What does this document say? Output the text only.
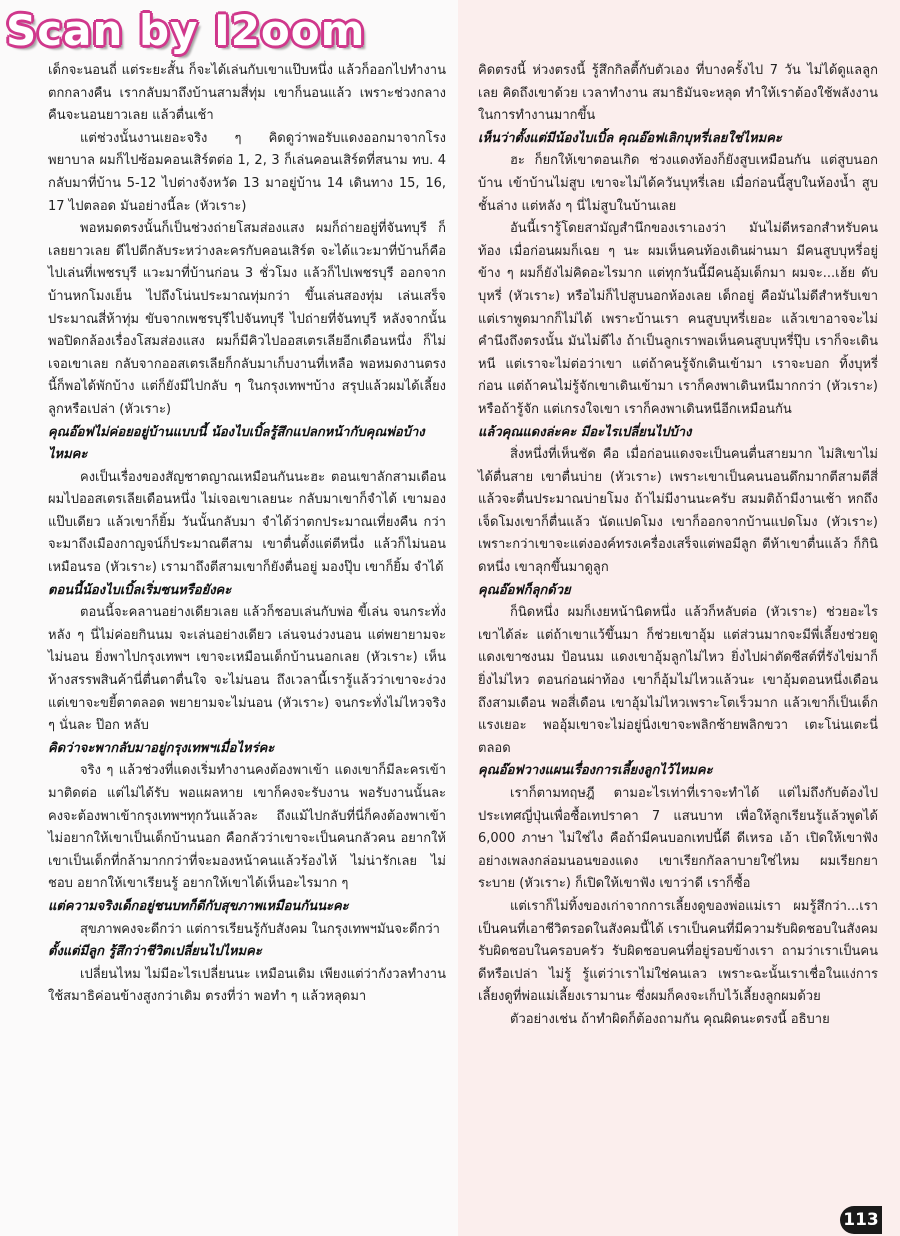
Scan by I2oom

เด็กจะนอนถี่ แต่ระยะสั้น ก็จะได้เล่นกับเขาแป๊บหนึ่ง แล้วก็ออกไปทำงาน ตกกลางคืน เรากลับมาถึงบ้านสามสี่ทุ่ม เขาก็นอนแล้ว เพราะช่วงกลางคืนจะนอนยาวเลย แล้วตื่นเช้า

แต่ช่วงนั้นงานเยอะจริง ๆ คิดดูว่าพอรับแดงออกมาจากโรงพยาบาล ผมก็ไปซ้อมคอนเสิร์ตต่อ 1, 2, 3 ก็เล่นคอนเสิร์ตที่สนาม ทบ. 4 กลับมาที่บ้าน 5-12 ไปต่างจังหวัด 13 มาอยู่บ้าน 14 เดินทาง 15, 16, 17 ไปตลอด มันอย่างนี้ละ (หัวเราะ)

พอหมดตรงนั้นก็เป็นช่วงถ่ายโสมส่องแสง ผมก็ถ่ายอยู่ที่จันทบุรี ก็เลยยาวเลย ดีไปตีกลับระหว่างละครกับคอนเสิร์ต จะได้แวะมาที่บ้านก็คือไปเล่นที่เพชรบุรี แวะมาที่บ้านก่อน 3 ชั่วโมง แล้วก็ไปเพชรบุรี ออกจากบ้านหกโมงเย็น ไปถึงโน่นประมาณทุ่มกว่า ขึ้นเล่นสองทุ่ม เล่นเสร็จประมาณสี่ห้าทุ่ม ขับจากเพชรบุรีไปจันทบุรี ไปถ่ายที่จันทบุรี หลังจากนั้นพอปิดกล้องเรื่องโสมส่องแสง ผมก็มีคิวไปออสเตรเลียอีกเดือนหนึ่ง ก็ไม่เจอเขาเลย กลับจากออสเตรเลียก็กลับมาเก็บงานที่เหลือ พอหมดงานตรงนี้ก็พอได้พักบ้าง แต่ก็ยังมีไปกลับ ๆ ในกรุงเทพฯบ้าง สรุปแล้วผมได้เลี้ยงลูกหรือเปล่า (หัวเราะ)

คุณอ๊อฟไม่ค่อยอยู่บ้านแบบนี้ น้องไบเบิ้ลรู้สึกแปลกหน้ากับคุณพ่อบ้างไหมคะ

คงเป็นเรื่องของสัญชาตญาณเหมือนกันนะฮะ ตอนเขาลักสามเดือน ผมไปออสเตรเลียเดือนหนึ่ง ไม่เจอเขาเลยนะ กลับมาเขาก็จำได้ เขามองแป๊บเดียว แล้วเขาก็ยิ้ม วันนั้นกลับมา จำได้ว่าตกประมาณเที่ยงคืน กว่าจะมาถึงเมืองกาญจน์ก็ประมาณตีสาม เขาตื่นตั้งแต่ตีหนึ่ง แล้วก็ไม่นอน เหมือนรอ (หัวเราะ) เรามาถึงตีสามเขาก็ยังตื่นอยู่ มองปุ๊บ เขาก็ยิ้ม จำได้

ตอนนี้น้องไบเบิ้ลเริ่มซนหรือยังคะ

ตอนนี้จะคลานอย่างเดียวเลย แล้วก็ชอบเล่นกับพ่อ ขี้เล่น จนกระทั่งหลัง ๆ นี่ไม่ค่อยกินนม จะเล่นอย่างเดียว เล่นจนง่วงนอน แต่พยายามจะไม่นอน ยิ่งพาไปกรุงเทพฯ เขาจะเหมือนเด็กบ้านนอกเลย (หัวเราะ) เห็นห้างสรรพสินค้านี่ตื่นตาตื่นใจ จะไม่นอน ถึงเวลานี้เรารู้แล้วว่าเขาจะง่วง แต่เขาจะขยี้ตาตลอด พยายามจะไม่นอน (หัวเราะ) จนกระทั่งไม่ไหวจริง ๆ นั่นละ ป๊อก หลับ

คิดว่าจะพากลับมาอยู่กรุงเทพฯเมื่อไหร่คะ

จริง ๆ แล้วช่วงที่แดงเริ่มทำงานคงต้องพาเข้า แดงเขาก็มีละครเข้ามาติดต่อ แต่ไม่ได้รับ พอแผลหาย เขาก็คงจะรับงาน พอรับงานนั้นละ คงจะต้องพาเข้ากรุงเทพฯทุกวันแล้วละ ถึงแม้ไปกลับที่นี่ก็คงต้องพาเข้า ไม่อยากให้เขาเป็นเด็กบ้านนอก คือกลัวว่าเขาจะเป็นคนกลัวคน อยากให้เขาเป็นเด็กที่กล้ามากกว่าที่จะมองหน้าคนแล้วร้องไห้ ไม่น่ารักเลย ไม่ชอบ อยากให้เขาเรียนรู้ อยากให้เขาได้เห็นอะไรมาก ๆ

แต่ความจริงเด็กอยู่ชนบทก็ดีกับสุขภาพเหมือนกันนะคะ

สุขภาพคงจะดีกว่า แต่การเรียนรู้กับสังคม ในกรุงเทพฯมันจะดีกว่า

ตั้งแต่มีลูก รู้สึกว่าชีวิตเปลี่ยนไปไหมคะ

เปลี่ยนไหม ไม่มีอะไรเปลี่ยนนะ เหมือนเดิม เพียงแต่ว่ากังวลทำงานใช้สมาธิค่อนข้างสูงกว่าเดิม ตรงที่ว่า พอทำ ๆ แล้วหลุดมา

คิดตรงนี้ ห่วงตรงนี้ รู้สึกกิลตี้กับตัวเอง ที่บางครั้งไป 7 วัน ไม่ได้ดูแลลูกเลย คิดถึงเขาด้วย เวลาทำงาน สมาธิมันจะหลุด ทำให้เราต้องใช้พลังงานในการทำงานมากขึ้น

เห็นว่าตั้งแต่มีน้องไบเบิ้ล คุณอ๊อฟเลิกบุหรี่เลยใช่ไหมคะ

ฮะ ก็ยกให้เขาตอนเกิด ช่วงแดงท้องก็ยังสูบเหมือนกัน แต่สูบนอกบ้าน เข้าบ้านไม่สูบ เขาจะไม่ได้ควันบุหรี่เลย เมื่อก่อนนี้สูบในห้องน้ำ สูบชั้นล่าง แต่หลัง ๆ นี่ไม่สูบในบ้านเลย

อันนี้เรารู้โดยสามัญสำนึกของเราเองว่า มันไม่ดีหรอกสำหรับคนท้อง เมื่อก่อนผมก็เฉย ๆ นะ ผมเห็นคนท้องเดินผ่านมา มีคนสูบบุหรี่อยู่ข้าง ๆ ผมก็ยังไม่คิดอะไรมาก แต่ทุกวันนี้มีคนอุ้มเด็กมา ผมจะ...เฮ้ย ดับบุหรี่ (หัวเราะ) หรือไม่ก็ไปสูบนอกห้องเลย เด็กอยู่ คือมันไม่ดีสำหรับเขา แต่เราพูดมากก็ไม่ได้ เพราะบ้านเรา คนสูบบุหรี่เยอะ แล้วเขาอาจจะไม่คำนึงถึงตรงนั้น มันไม่ดีไง ถ้าเป็นลูกเราพอเห็นคนสูบบุหรี่ปุ๊บ เราก็จะเดินหนี แต่เราจะไม่ต่อว่าเขา แต่ถ้าคนรู้จักเดินเข้ามา เราจะบอก ทิ้งบุหรี่ก่อน แต่ถ้าคนไม่รู้จักเขาเดินเข้ามา เราก็คงพาเดินหนีมากกว่า (หัวเราะ) หรือถ้ารู้จัก แต่เกรงใจเขา เราก็คงพาเดินหนีอีกเหมือนกัน

แล้วคุณแดงล่ะคะ มีอะไรเปลี่ยนไปบ้าง

สิ่งหนึ่งที่เห็นชัด คือ เมื่อก่อนแดงจะเป็นคนตื่นสายมาก ไม่สิเขาไม่ได้ตื่นสาย เขาตื่นบ่าย (หัวเราะ) เพราะเขาเป็นคนนอนดึกมากตีสามตีสี่ แล้วจะตื่นประมาณบ่ายโมง ถ้าไม่มีงานนะครับ สมมติถ้ามีงานเช้า หกถึงเจ็ดโมงเขาก็ตื่นแล้ว นัดแปดโมง เขาก็ออกจากบ้านแปดโมง (หัวเราะ) เพราะกว่าเขาจะแต่งองค์ทรงเครื่องเสร็จแต่พอมีลูก ตีห้าเขาตื่นแล้ว ก็กินิดหนึ่ง เขาลุกขึ้นมาดูลูก

คุณอ๊อฟก็ลุกด้วย

ก็นิดหนึ่ง ผมก็เงยหน้านิดหนึ่ง แล้วก็หลับต่อ (หัวเราะ) ช่วยอะไรเขาได้ล่ะ แต่ถ้าเขาแว้ขึ้นมา ก็ช่วยเขาอุ้ม แต่ส่วนมากจะมีพี่เลี้ยงช่วยดู แดงเขาซงนม ป้อนนม แดงเขาอุ้มลูกไม่ไหว ยิ่งไปผ่าตัดซีสต์ที่รังไข่มาก็ยิ่งไม่ไหว ตอนก่อนผ่าท้อง เขาก็อุ้มไม่ไหวแล้วนะ เขาอุ้มตอนหนึ่งเดือนถึงสามเดือน พอสี่เดือน เขาอุ้มไม่ไหวเพราะโตเร็วมาก แล้วเขาก็เป็นเด็กแรงเยอะ พออุ้มเขาจะไม่อยู่นิ่งเขาจะพลิกซ้ายพลิกขวา เตะโน่นเตะนี่ตลอด

คุณอ๊อฟวางแผนเรื่องการเลี้ยงลูกไว้ไหมคะ

เราก็ตามทฤษฎี ตามอะไรเท่าที่เราจะทำได้ แต่ไม่ถึงกับต้องไปประเทศญี่ปุ่นเพื่อซื้อเทปราคา 7 แสนบาท เพื่อให้ลูกเรียนรู้แล้วพูดได้ 6,000 ภาษา ไม่ใช่ไง คือถ้ามีคนบอกเทปนี้ดี ดีเหรอ เอ้า เปิดให้เขาฟัง อย่างเพลงกล่อมนอนของแดง เขาเรียกกัลลาบายใช่ไหม ผมเรียกยาระบาย (หัวเราะ) ก็เปิดให้เขาฟัง เขาว่าดี เราก็ซื้อ

แต่เราก็ไม่ทิ้งของเก่าจากการเลี้ยงดูของพ่อแม่เรา ผมรู้สึกว่า...เราเป็นคนที่เอาชีวิตรอดในสังคมนี้ได้ เราเป็นคนที่มีความรับผิดชอบในสังคม รับผิดชอบในครอบครัว รับผิดชอบคนที่อยู่รอบข้างเรา ถามว่าเราเป็นคนดีหรือเปล่า ไม่รู้ รู้แต่ว่าเราไม่ใช่คนเลว เพราะฉะนั้นเราเชื่อในแง่การเลี้ยงดูที่พ่อแม่เลี้ยงเรามานะ ซึ่งผมก็คงจะเก็บไว้เลี้ยงลูกผมด้วย

ตัวอย่างเช่น ถ้าทำผิดก็ต้องถามกัน คุณผิดนะตรงนี้ อธิบาย

113
